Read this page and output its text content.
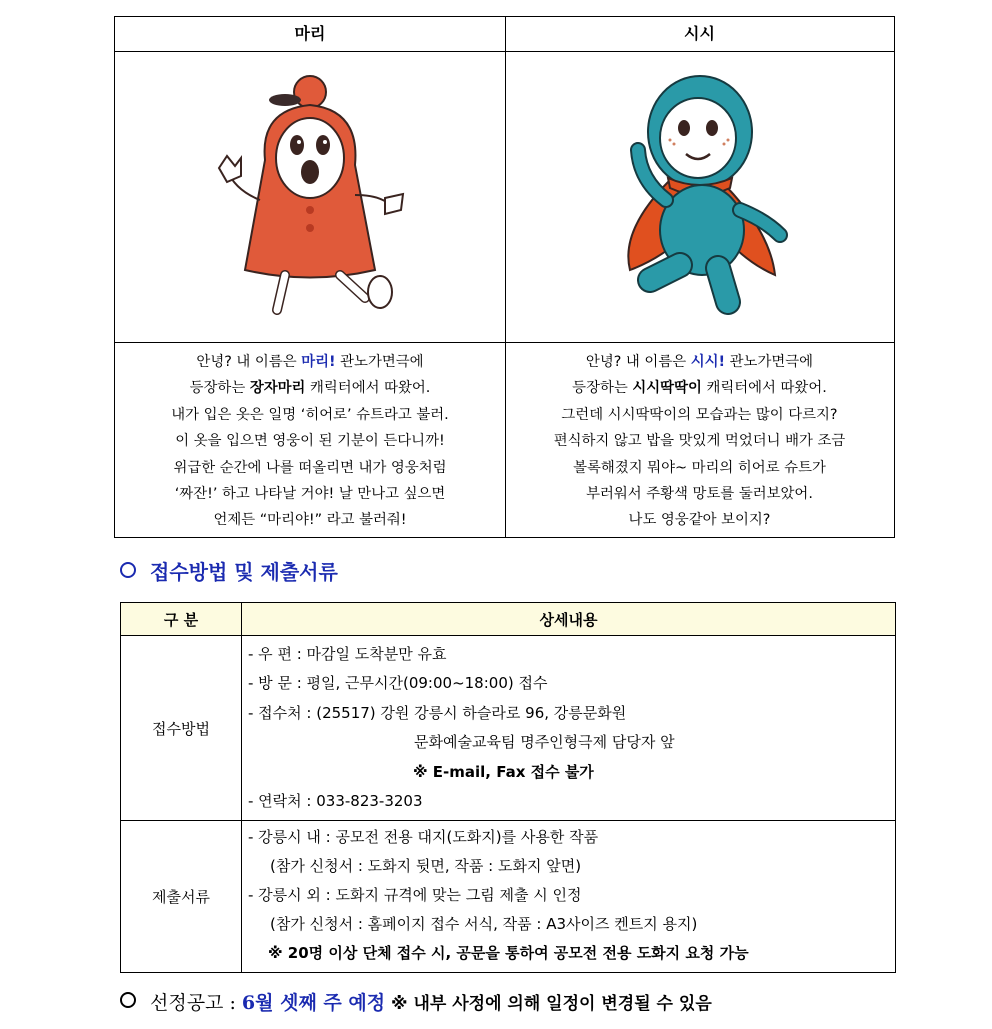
마리
안녕? 내 이름은 마리! 관노가면극에
등장하는 장자마리 캐릭터에서 따왔어.
내가 입은 옷은 일명 ‘히어로’ 슈트라고 불러.
이 옷을 입으면 영웅이 된 기분이 든다니까!
위급한 순간에 나를 떠올리면 내가 영웅처럼
‘짜잔!’ 하고 나타날 거야! 날 만나고 싶으면
언제든 “마리야!” 라고 불러줘!
시시
안녕? 내 이름은 시시! 관노가면극에
등장하는 시시딱딱이 캐릭터에서 따왔어.
그런데 시시딱딱이의 모습과는 많이 다르지?
편식하지 않고 밥을 맛있게 먹었더니 배가 조금
볼록해졌지 뭐야~ 마리의 히어로 슈트가
부러워서 주황색 망토를 둘러보았어.
나도 영웅같아 보이지?
접수방법 및 제출서류
구 분	상세내용
접수방법
- 우 편 : 마감일 도착분만 유효
- 방 문 : 평일, 근무시간(09:00~18:00) 접수
- 접수처 : (25517) 강원 강릉시 하슬라로 96, 강릉문화원
문화예술교육팀 명주인형극제 담당자 앞
※ E-mail, Fax 접수 불가
- 연락처 : 033-823-3203
제출서류
- 강릉시 내 : 공모전 전용 대지(도화지)를 사용한 작품
(참가 신청서 : 도화지 뒷면, 작품 : 도화지 앞면)
- 강릉시 외 : 도화지 규격에 맞는 그림 제출 시 인정
(참가 신청서 : 홈페이지 접수 서식, 작품 : A3사이즈 켄트지 용지)
※ 20명 이상 단체 접수 시, 공문을 통하여 공모전 전용 도화지 요청 가능
선정공고 : 6월 셋째 주 예정 ※ 내부 사정에 의해 일정이 변경될 수 있음
